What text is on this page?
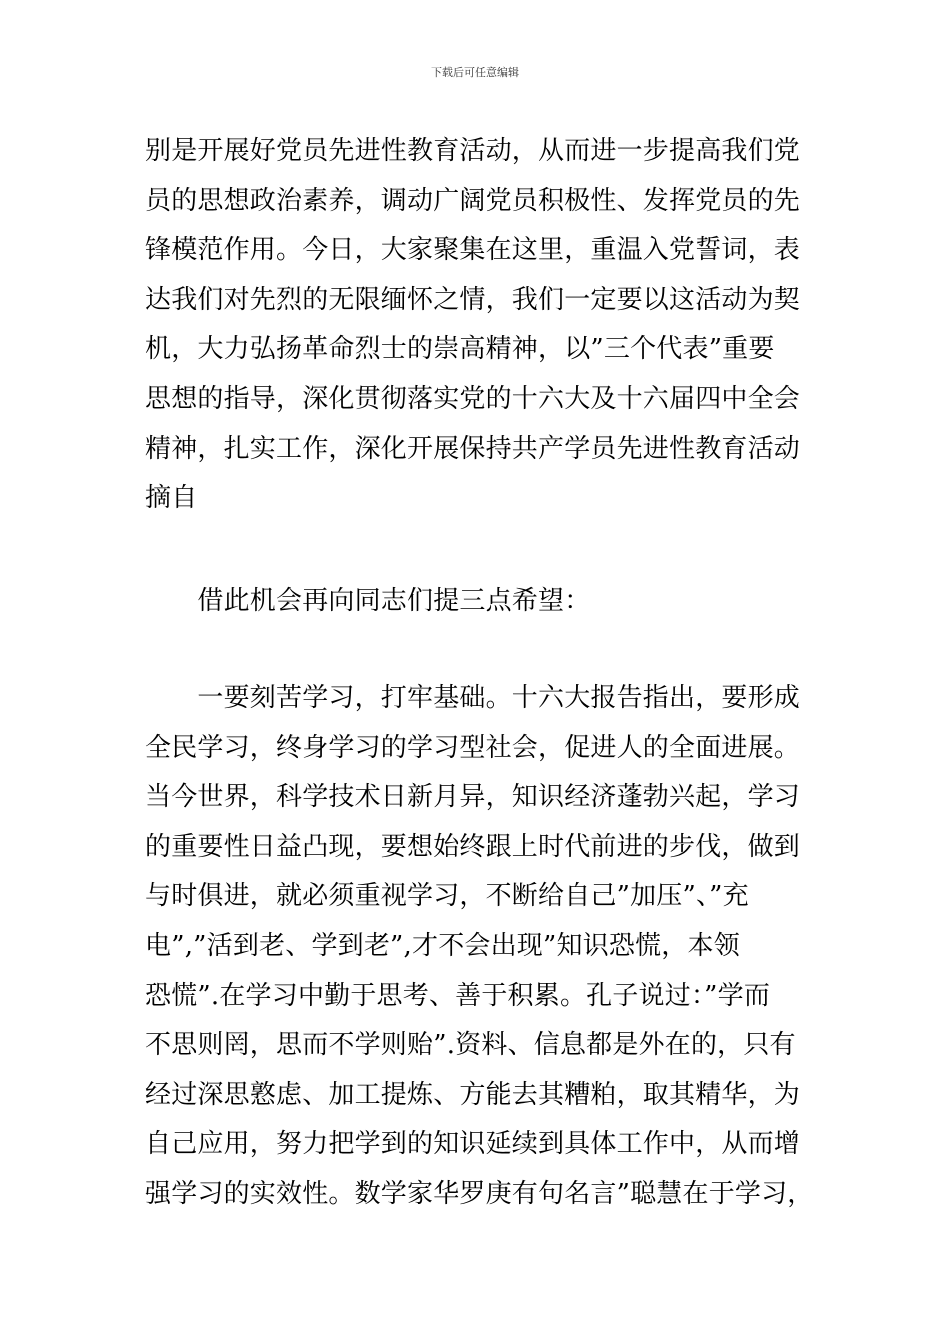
下载后可任意编辑
别是开展好党员先进性教育活动，从而进一步提高我们党
员的思想政治素养，调动广阔党员积极性、发挥党员的先
锋模范作用。今日，大家聚集在这里，重温入党誓词，表
达我们对先烈的无限缅怀之情，我们一定要以这活动为契
机，大力弘扬革命烈士的崇高精神，以”三个代表”重要
思想的指导，深化贯彻落实党的十六大及十六届四中全会
精神，扎实工作，深化开展保持共产学员先进性教育活动
摘自
　　借此机会再向同志们提三点希望：
　　一要刻苦学习，打牢基础。十六大报告指出，要形成
全民学习，终身学习的学习型社会，促进人的全面进展。
当今世界，科学技术日新月异，知识经济蓬勃兴起，学习
的重要性日益凸现，要想始终跟上时代前进的步伐，做到
与时俱进，就必须重视学习，不断给自己”加压”、”充
电”,”活到老、学到老”,才不会出现”知识恐慌，本领
恐慌”.在学习中勤于思考、善于积累。孔子说过：”学而
不思则罔，思而不学则贻”.资料、信息都是外在的，只有
经过深思憝虑、加工提炼、方能去其糟粕，取其精华，为
自己应用，努力把学到的知识延续到具体工作中，从而增
强学习的实效性。数学家华罗庚有句名言”聪慧在于学习，
